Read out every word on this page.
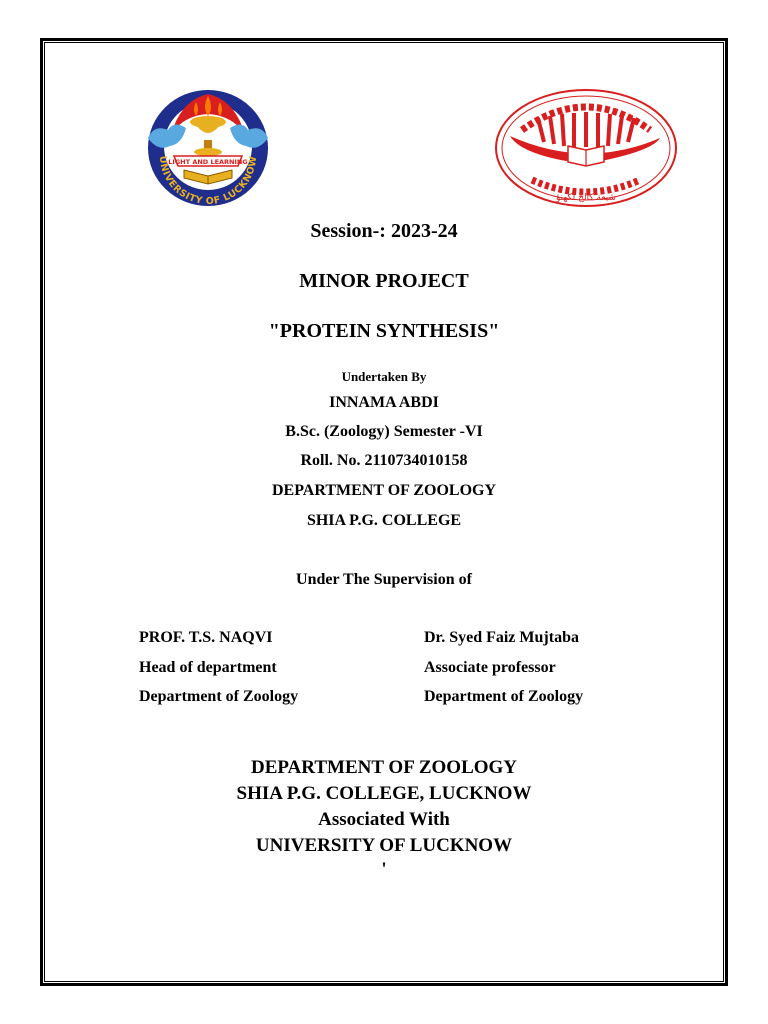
LIGHT AND LEARNING
UNIVERSITY OF LUCKNOW
شيعة كالج لكهنؤ
Session-: 2023-24
MINOR PROJECT
"PROTEIN SYNTHESIS"
Undertaken By
INNAMA ABDI
B.Sc. (Zoology) Semester -VI
Roll. No. 2110734010158
DEPARTMENT OF ZOOLOGY
SHIA P.G. COLLEGE
Under The Supervision of
PROF. T.S. NAQVI
Head of department
Department of Zoology
Dr. Syed Faiz Mujtaba
Associate professor
Department of Zoology
DEPARTMENT OF ZOOLOGY
SHIA P.G. COLLEGE, LUCKNOW
Associated With
UNIVERSITY OF LUCKNOW
'
